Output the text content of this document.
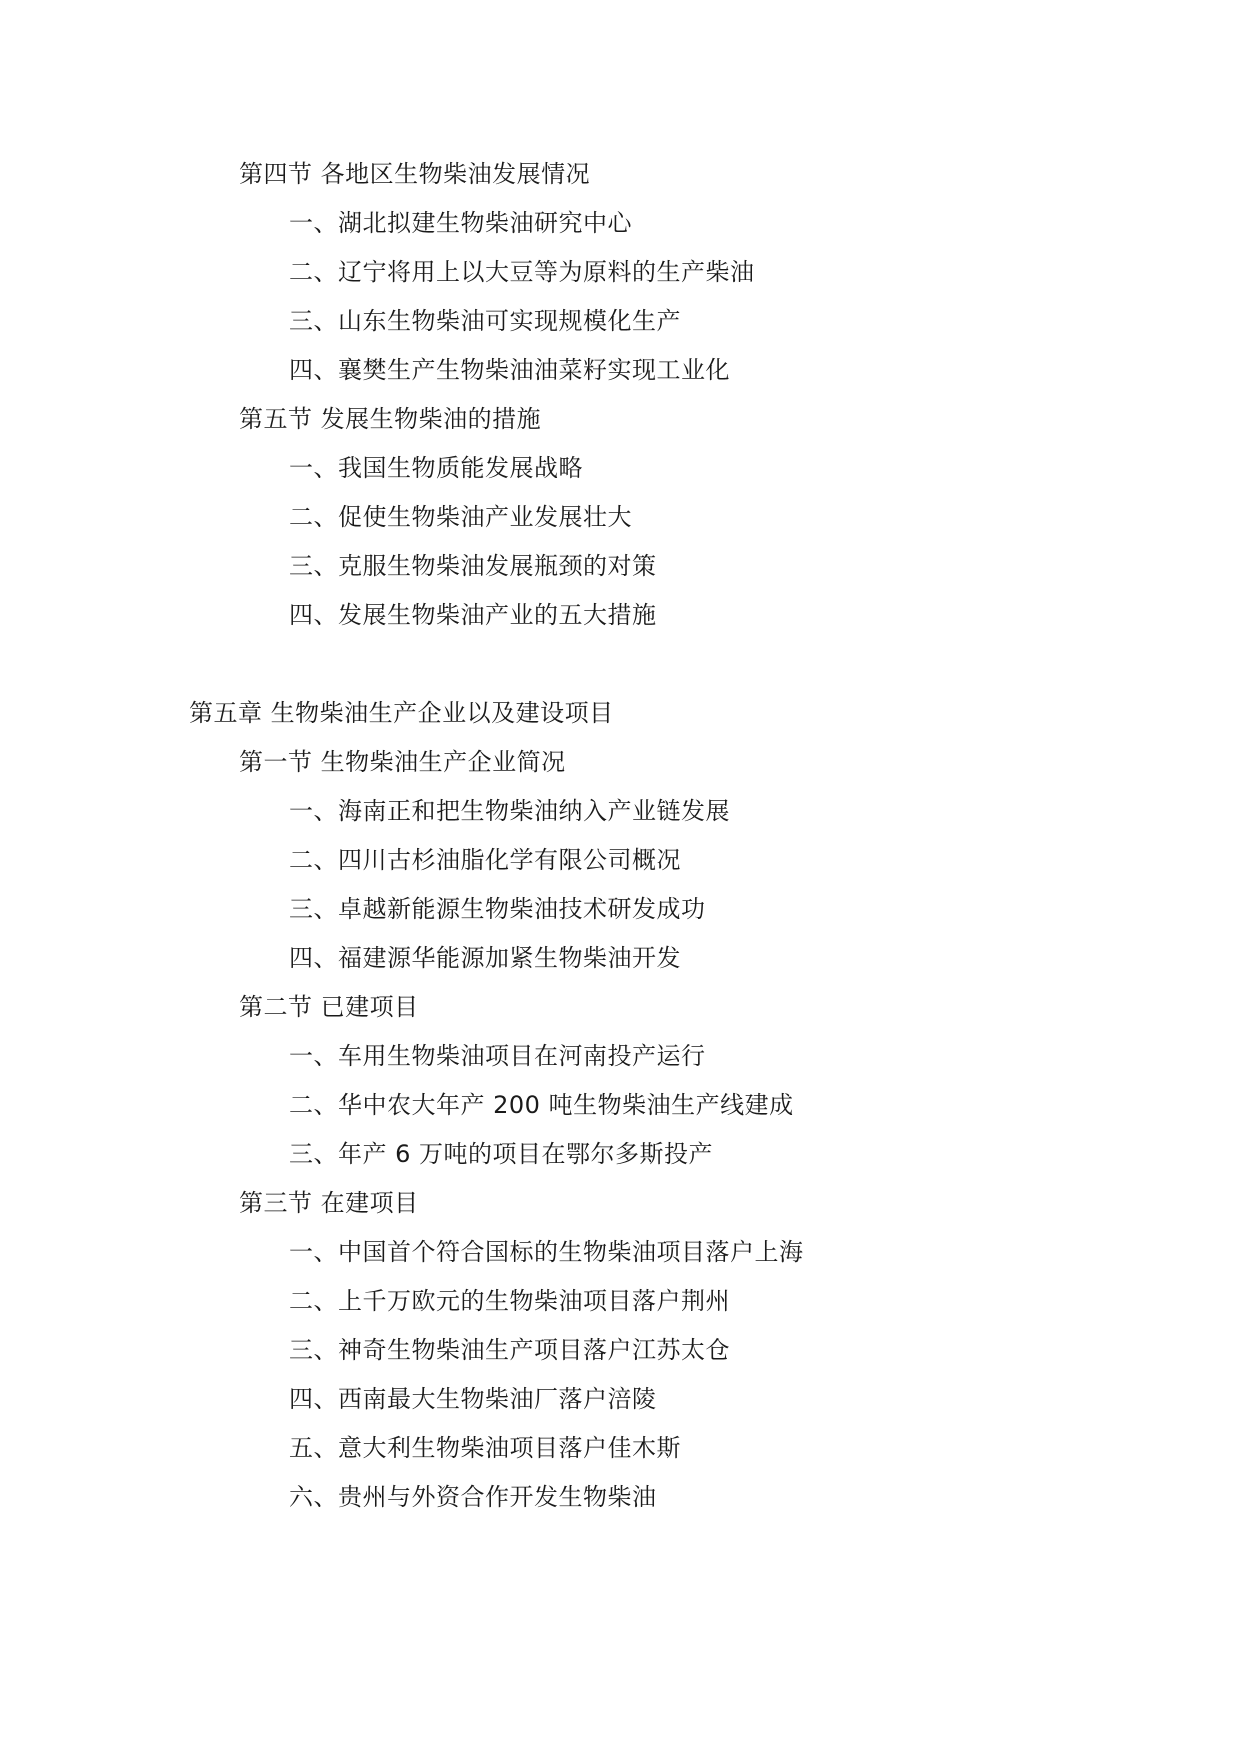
第四节 各地区生物柴油发展情况
一、湖北拟建生物柴油研究中心
二、辽宁将用上以大豆等为原料的生产柴油
三、山东生物柴油可实现规模化生产
四、襄樊生产生物柴油油菜籽实现工业化
第五节 发展生物柴油的措施
一、我国生物质能发展战略
二、促使生物柴油产业发展壮大
三、克服生物柴油发展瓶颈的对策
四、发展生物柴油产业的五大措施
第五章 生物柴油生产企业以及建设项目
第一节 生物柴油生产企业简况
一、海南正和把生物柴油纳入产业链发展
二、四川古杉油脂化学有限公司概况
三、卓越新能源生物柴油技术研发成功
四、福建源华能源加紧生物柴油开发
第二节 已建项目
一、车用生物柴油项目在河南投产运行
二、华中农大年产 200 吨生物柴油生产线建成
三、年产 6 万吨的项目在鄂尔多斯投产
第三节 在建项目
一、中国首个符合国标的生物柴油项目落户上海
二、上千万欧元的生物柴油项目落户荆州
三、神奇生物柴油生产项目落户江苏太仓
四、西南最大生物柴油厂落户涪陵
五、意大利生物柴油项目落户佳木斯
六、贵州与外资合作开发生物柴油
